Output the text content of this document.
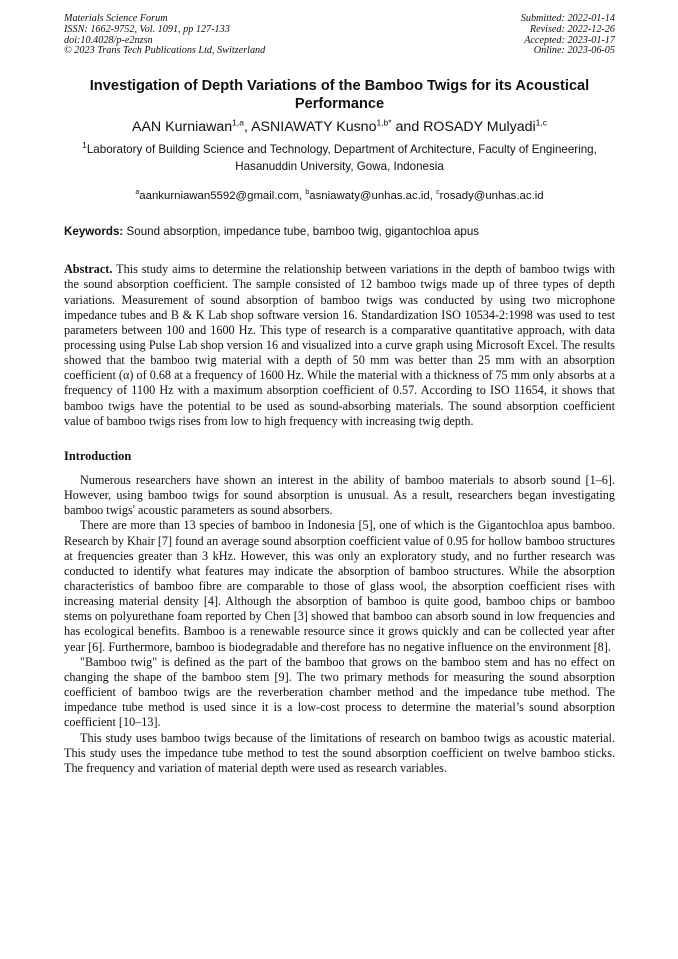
Materials Science Forum
ISSN: 1662-9752, Vol. 1091, pp 127-133
doi:10.4028/p-e2nzsn
© 2023 Trans Tech Publications Ltd, Switzerland
Submitted: 2022-01-14
Revised: 2022-12-26
Accepted: 2023-01-17
Online: 2023-06-05
Investigation of Depth Variations of the Bamboo Twigs for its Acoustical Performance
AAN Kurniawan$^{1,a}$, ASNIAWATY Kusno$^{1,b*}$ and ROSADY Mulyadi$^{1,c}$
$^1$Laboratory of Building Science and Technology, Department of Architecture, Faculty of Engineering, Hasanuddin University, Gowa, Indonesia
$^a$aankurniawan5592@gmail.com, $^b$asniawaty@unhas.ac.id, $^c$rosady@unhas.ac.id
Keywords: Sound absorption, impedance tube, bamboo twig, gigantochloa apus
Abstract. This study aims to determine the relationship between variations in the depth of bamboo twigs with the sound absorption coefficient. The sample consisted of 12 bamboo twigs made up of three types of depth variations. Measurement of sound absorption of bamboo twigs was conducted by using two microphone impedance tubes and B & K Lab shop software version 16. Standardization ISO 10534-2:1998 was used to test parameters between 100 and 1600 Hz. This type of research is a comparative quantitative approach, with data processing using Pulse Lab shop version 16 and visualized into a curve graph using Microsoft Excel. The results showed that the bamboo twig material with a depth of 50 mm was better than 25 mm with an absorption coefficient (α) of 0.68 at a frequency of 1600 Hz. While the material with a thickness of 75 mm only absorbs at a frequency of 1100 Hz with a maximum absorption coefficient of 0.57. According to ISO 11654, it shows that bamboo twigs have the potential to be used as sound-absorbing materials. The sound absorption coefficient value of bamboo twigs rises from low to high frequency with increasing twig depth.
Introduction

Numerous researchers have shown an interest in the ability of bamboo materials to absorb sound [1–6]. However, using bamboo twigs for sound absorption is unusual. As a result, researchers began investigating bamboo twigs' acoustic parameters as sound absorbers.

There are more than 13 species of bamboo in Indonesia [5], one of which is the Gigantochloa apus bamboo. Research by Khair [7] found an average sound absorption coefficient value of 0.95 for hollow bamboo structures at frequencies greater than 3 kHz. However, this was only an exploratory study, and no further research was conducted to identify what features may indicate the absorption of bamboo structures. While the absorption characteristics of bamboo fibre are comparable to those of glass wool, the absorption coefficient rises with increasing material density [4]. Although the absorption of bamboo is quite good, bamboo chips or bamboo stems on polyurethane foam reported by Chen [3] showed that bamboo can absorb sound in low frequencies and has ecological benefits. Bamboo is a renewable resource since it grows quickly and can be collected year after year [6]. Furthermore, bamboo is biodegradable and therefore has no negative influence on the environment [8].

"Bamboo twig" is defined as the part of the bamboo that grows on the bamboo stem and has no effect on changing the shape of the bamboo stem [9]. The two primary methods for measuring the sound absorption coefficient of bamboo twigs are the reverberation chamber method and the impedance tube method. The impedance tube method is used since it is a low-cost process to determine the material’s sound absorption coefficient [10–13].

This study uses bamboo twigs because of the limitations of research on bamboo twigs as acoustic material. This study uses the impedance tube method to test the sound absorption coefficient on twelve bamboo sticks. The frequency and variation of material depth were used as research variables.
